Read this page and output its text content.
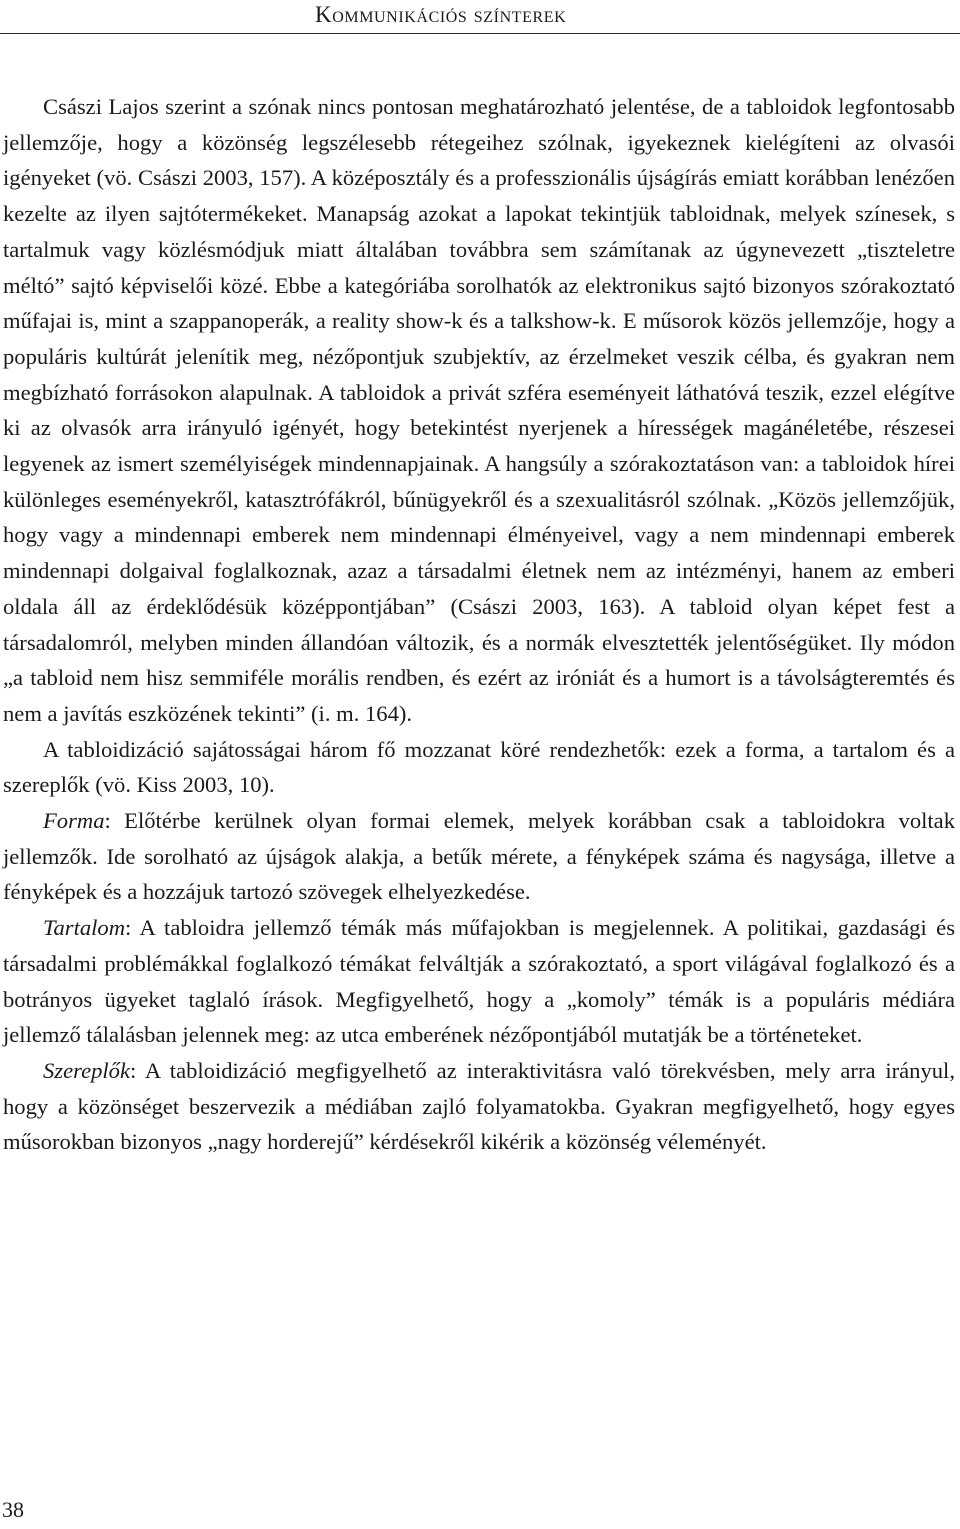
Kommunikációs színterek

Császi Lajos szerint a szónak nincs pontosan meghatározható jelentése, de a tabloidok legfontosabb jellemzője, hogy a közönség legszélesebb rétegeihez szólnak, igyekeznek kielégíteni az olvasói igényeket (vö. Császi 2003, 157). A középosztály és a professzionális újságírás emiatt korábban lenézően kezelte az ilyen sajtótermékeket. Manapság azokat a lapokat tekintjük tabloidnak, melyek színesek, s tartalmuk vagy közlésmódjuk miatt általában továbbra sem számítanak az úgynevezett „tiszteletre méltó” sajtó képviselői közé. Ebbe a kategóriába sorolhatók az elektronikus sajtó bizonyos szórakoztató műfajai is, mint a szappanoperák, a reality show-k és a talkshow-k. E műsorok közös jellemzője, hogy a populáris kultúrát jelenítik meg, nézőpontjuk szubjektív, az érzelmeket veszik célba, és gyakran nem megbízható forrásokon alapulnak. A tabloidok a privát szféra eseményeit láthatóvá teszik, ezzel elégítve ki az olvasók arra irányuló igényét, hogy betekintést nyerjenek a hírességek magánéletébe, részesei legyenek az ismert személyiségek mindennapjainak. A hangsúly a szórakoztatáson van: a tabloidok hírei különleges eseményekről, katasztrófákról, bűnügyekről és a szexualitásról szólnak. „Közös jellemzőjük, hogy vagy a mindennapi emberek nem mindennapi élményeivel, vagy a nem mindennapi emberek mindennapi dolgaival foglalkoznak, azaz a társadalmi életnek nem az intézményi, hanem az emberi oldala áll az érdeklődésük középpontjában” (Császi 2003, 163). A tabloid olyan képet fest a társadalomról, melyben minden állandóan változik, és a normák elvesztették jelentőségüket. Ily módon „a tabloid nem hisz semmiféle morális rendben, és ezért az iróniát és a humort is a távolságteremtés és nem a javítás eszközének tekinti” (i. m. 164).

A tabloidizáció sajátosságai három fő mozzanat köré rendezhetők: ezek a forma, a tartalom és a szereplők (vö. Kiss 2003, 10).

Forma: Előtérbe kerülnek olyan formai elemek, melyek korábban csak a tabloidokra voltak jellemzők. Ide sorolható az újságok alakja, a betűk mérete, a fényképek száma és nagysága, illetve a fényképek és a hozzájuk tartozó szövegek elhelyezkedése.

Tartalom: A tabloidra jellemző témák más műfajokban is megjelennek. A politikai, gazdasági és társadalmi problémákkal foglalkozó témákat felváltják a szórakoztató, a sport világával foglalkozó és a botrányos ügyeket taglaló írások. Megfigyelhető, hogy a „komoly” témák is a populáris médiára jellemző tálalásban jelennek meg: az utca emberének nézőpontjából mutatják be a történeteket.

Szereplők: A tabloidizáció megfigyelhető az interaktivitásra való törekvésben, mely arra irányul, hogy a közönséget beszervezik a médiában zajló folyamatokba. Gyakran megfigyelhető, hogy egyes műsorokban bizonyos „nagy horderejű” kérdésekről kikérik a közönség véleményét.

38
